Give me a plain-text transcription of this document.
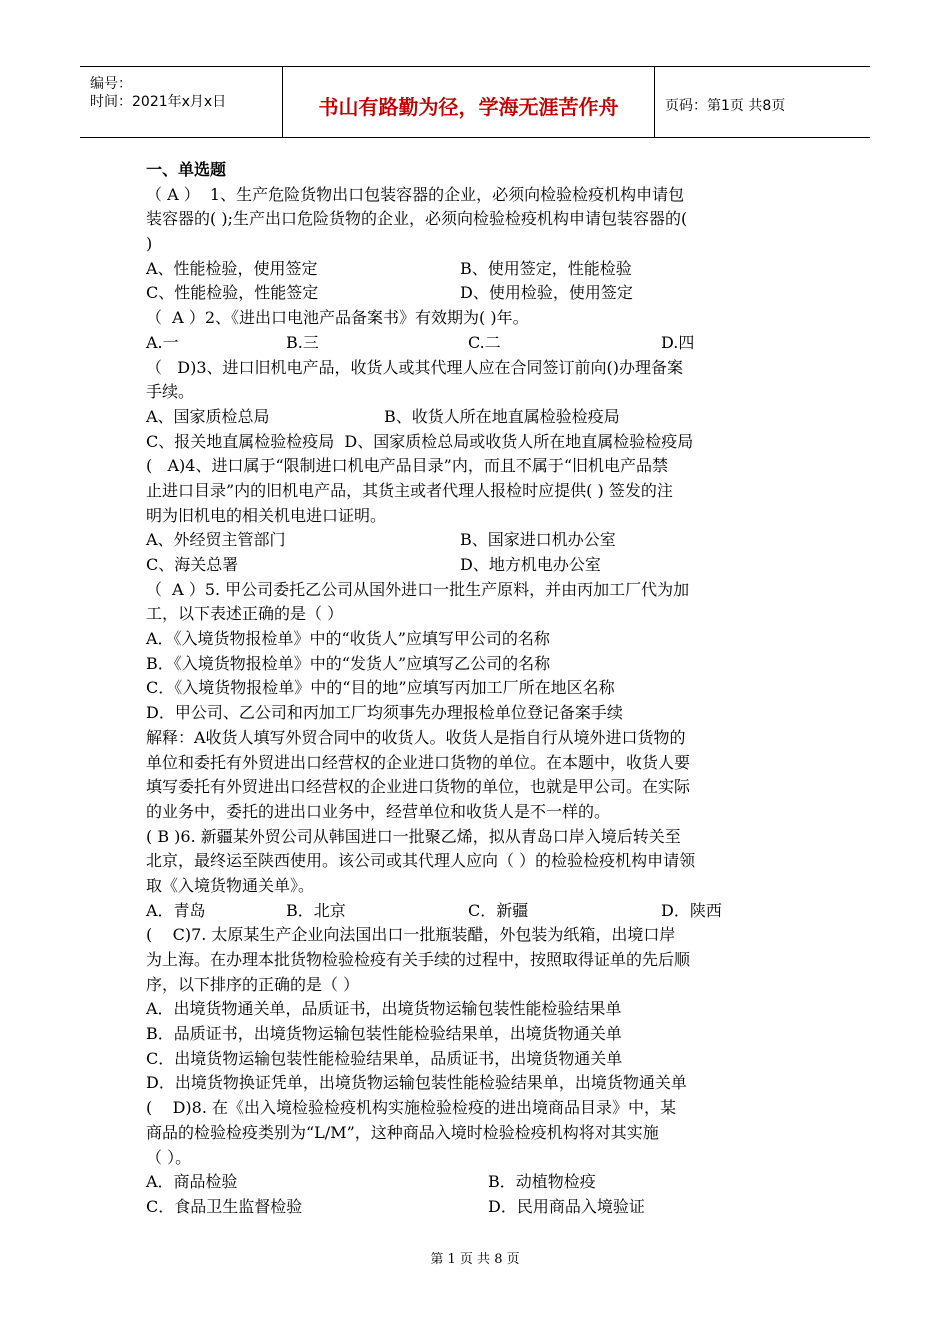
编号：
时间：2021年x月x日	书山有路勤为径，学海无涯苦作舟	页码：第1页 共8页
一、单选题
（ A ）  1、生产危险货物出口包装容器的企业，必须向检验检疫机构申请包
装容器的( );生产出口危险货物的企业，必须向检验检疫机构申请包装容器的(
)
A、性能检验，使用签定	B、使用签定，性能检验
C、性能检验，性能签定	D、使用检验，使用签定
（  A ）2、《进出口电池产品备案书》有效期为( )年。
A.一	B.三	C.二	D.四
（   D)3、进口旧机电产品，收货人或其代理人应在合同签订前向()办理备案
手续。
A、国家质检总局	B、收货人所在地直属检验检疫局
C、报关地直属检验检疫局  D、国家质检总局或收货人所在地直属检验检疫局
(   A)4、进口属于“限制进口机电产品目录”内，而且不属于“旧机电产品禁
止进口目录”内的旧机电产品，其货主或者代理人报检时应提供( ) 签发的注
明为旧机电的相关机电进口证明。
A、外经贸主管部门	B、国家进口机办公室
C、海关总署	D、地方机电办公室
（  A ）5. 甲公司委托乙公司从国外进口一批生产原料，并由丙加工厂代为加
工，以下表述正确的是（ ）
A．《入境货物报检单》中的“收货人”应填写甲公司的名称
B．《入境货物报检单》中的“发货人”应填写乙公司的名称
C．《入境货物报检单》中的“目的地”应填写丙加工厂所在地区名称
D．甲公司、乙公司和丙加工厂均须事先办理报检单位登记备案手续
解释：A收货人填写外贸合同中的收货人。收货人是指自行从境外进口货物的
单位和委托有外贸进出口经营权的企业进口货物的单位。在本题中，收货人要
填写委托有外贸进出口经营权的企业进口货物的单位，也就是甲公司。在实际
的业务中，委托的进出口业务中，经营单位和收货人是不一样的。
( B )6. 新疆某外贸公司从韩国进口一批聚乙烯，拟从青岛口岸入境后转关至
北京，最终运至陕西使用。该公司或其代理人应向（ ）的检验检疫机构申请领
取《入境货物通关单》。
A．青岛	B．北京	C．新疆	D．陕西
(    C)7. 太原某生产企业向法国出口一批瓶装醋，外包装为纸箱，出境口岸
为上海。在办理本批货物检验检疫有关手续的过程中，按照取得证单的先后顺
序，以下排序的正确的是（ ）
A．出境货物通关单，品质证书，出境货物运输包装性能检验结果单
B．品质证书，出境货物运输包装性能检验结果单，出境货物通关单
C．出境货物运输包装性能检验结果单，品质证书，出境货物通关单
D．出境货物换证凭单，出境货物运输包装性能检验结果单，出境货物通关单
(    D)8. 在《出入境检验检疫机构实施检验检疫的进出境商品目录》中，某
商品的检验检疫类别为“L/M”，这种商品入境时检验检疫机构将对其实施
（ ）。
A．商品检验	B．动植物检疫
C．食品卫生监督检验	D．民用商品入境验证
第 1 页 共 8 页
